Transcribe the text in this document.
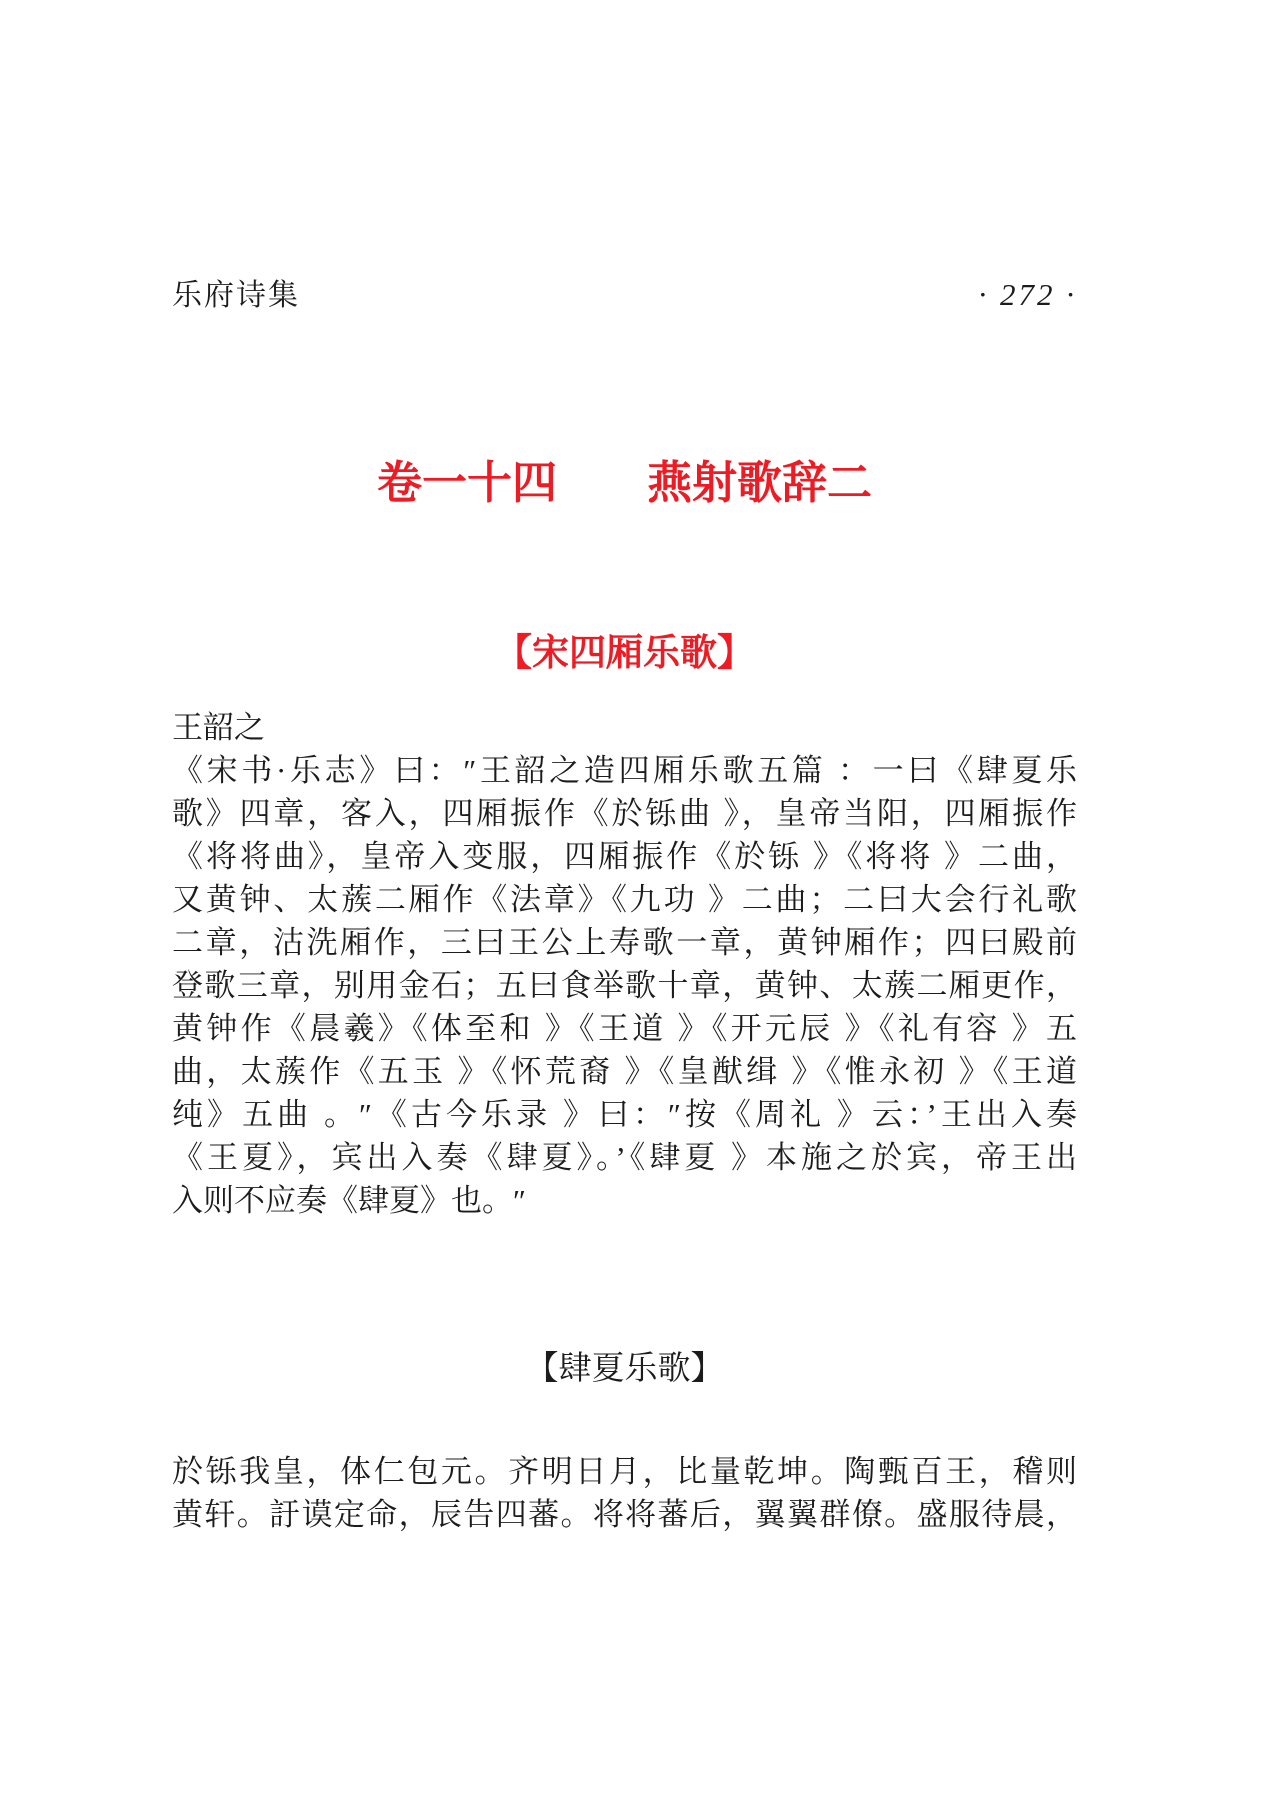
乐府诗集	· 272 ·
卷一十四　　燕射歌辞二
【宋四厢乐歌】
王韶之
《宋书·乐志》曰：″王韶之造四厢乐歌五篇 ：一曰《肆夏乐
歌》四章，客入，四厢振作《於铄曲 》，皇帝当阳，四厢振作
《将将曲》，皇帝入变服，四厢振作《於铄 》《将将 》二曲，
又黄钟、太蔟二厢作《法章》《九功 》二曲；二曰大会行礼歌
二章，沽洗厢作，三曰王公上寿歌一章，黄钟厢作；四曰殿前
登歌三章，别用金石；五曰食举歌十章，黄钟、太蔟二厢更作，
黄钟作《晨羲》《体至和 》《王道 》《开元辰 》《礼有容 》五
曲，太蔟作《五玉 》《怀荒裔 》《皇猷缉 》《惟永初 》《王道
纯》五曲 。″《古今乐录 》曰：″按《周礼 》云：’王出入奏
《王夏》，宾出入奏《肆夏》。’《肆夏 》本施之於宾，帝王出
入则不应奏《肆夏》也。″
【肆夏乐歌】
於铄我皇，体仁包元。齐明日月，比量乾坤。陶甄百王，稽则
黄轩。訏谟定命，辰告四蕃。将将蕃后，翼翼群僚。盛服待晨，
